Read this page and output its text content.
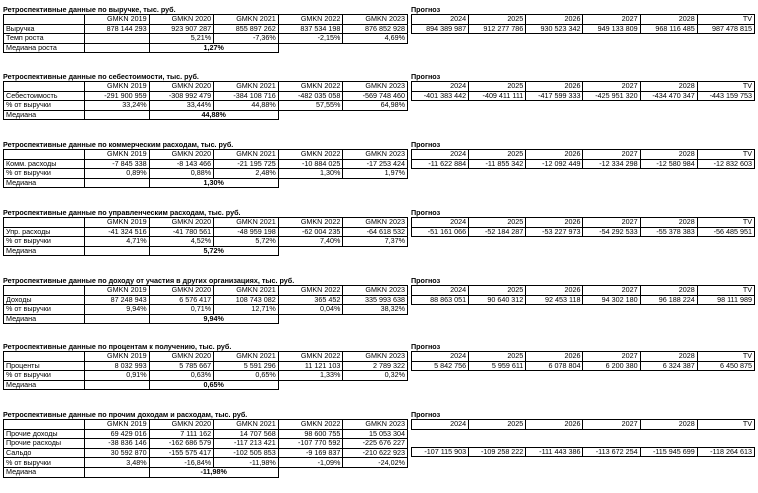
Ретроспективные данные по выручке, тыс. руб.	Прогноз
	GMKN 2019	GMKN 2020	GMKN 2021	GMKN 2022	GMKN 2023
Выручка	878 144 293	923 907 287	855 897 262	837 534 198	876 852 928
Темп роста		5,21%	-7,36%	-2,15%	4,69%
Медиана роста		1,27%			
2024	2025	2026	2027	2028	TV
894 389 987	912 277 786	930 523 342	949 133 809	968 116 485	987 478 815
Ретроспективные данные по себестоимости, тыс. руб.	Прогноз
	GMKN 2019	GMKN 2020	GMKN 2021	GMKN 2022	GMKN 2023
Себестоимость	-291 900 959	-308 992 479	-384 108 716	-482 035 058	-569 748 460
% от выручки	33,24%	33,44%	44,88%	57,55%	64,98%
Медиана		44,88%			
2024	2025	2026	2027	2028	TV
-401 383 442	-409 411 111	-417 599 333	-425 951 320	-434 470 347	-443 159 753
Ретроспективные данные по коммерческим расходам, тыс. руб.	Прогноз
	GMKN 2019	GMKN 2020	GMKN 2021	GMKN 2022	GMKN 2023
Комм. расходы	-7 845 338	-8 143 466	-21 195 725	-10 884 025	-17 253 424
% от выручки	0,89%	0,88%	2,48%	1,30%	1,97%
Медиана		1,30%			
2024	2025	2026	2027	2028	TV
-11 622 884	-11 855 342	-12 092 449	-12 334 298	-12 580 984	-12 832 603
Ретроспективные данные по управленческим расходам, тыс. руб.	Прогноз
	GMKN 2019	GMKN 2020	GMKN 2021	GMKN 2022	GMKN 2023
Упр. расходы	-41 324 516	-41 780 561	-48 959 198	-62 004 235	-64 618 532
% от выручки	4,71%	4,52%	5,72%	7,40%	7,37%
Медиана		5,72%			
2024	2025	2026	2027	2028	TV
-51 161 066	-52 184 287	-53 227 973	-54 292 533	-55 378 383	-56 485 951
Ретроспективные данные по доходу от участия в других организациях, тыс. руб.	Прогноз
	GMKN 2019	GMKN 2020	GMKN 2021	GMKN 2022	GMKN 2023
Доходы	87 248 943	6 576 417	108 743 082	365 452	335 993 638
% от выручки	9,94%	0,71%	12,71%	0,04%	38,32%
Медиана		9,94%			
2024	2025	2026	2027	2028	TV
88 863 051	90 640 312	92 453 118	94 302 180	96 188 224	98 111 989
Ретроспективные данные по процентам к получению, тыс. руб.	Прогноз
	GMKN 2019	GMKN 2020	GMKN 2021	GMKN 2022	GMKN 2023
Проценты	8 032 993	5 785 667	5 591 296	11 121 103	2 789 322
% от выручки	0,91%	0,63%	0,65%	1,33%	0,32%
Медиана		0,65%			
2024	2025	2026	2027	2028	TV
5 842 756	5 959 611	6 078 804	6 200 380	6 324 387	6 450 875
Ретроспективные данные по прочим доходам и расходам, тыс. руб.	Прогноз
	GMKN 2019	GMKN 2020	GMKN 2021	GMKN 2022	GMKN 2023
Прочие доходы	69 429 016	7 111 162	14 707 568	98 600 755	15 053 304
Прочие расходы	-38 836 146	-162 686 579	-117 213 421	-107 770 592	-225 676 227
Сальдо	30 592 870	-155 575 417	-102 505 853	-9 169 837	-210 622 923
% от выручки	3,48%	-16,84%	-11,98%	-1,09%	-24,02%
Медиана		-11,98%			
2024	2025	2026	2027	2028	TV

-107 115 903	-109 258 222	-111 443 386	-113 672 254	-115 945 699	-118 264 613
